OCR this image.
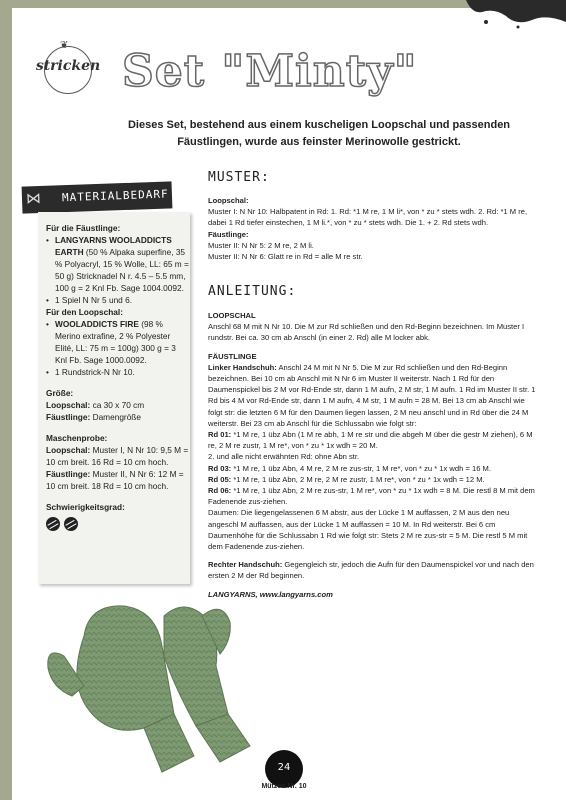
❦
stricken Set "Minty"
Dieses Set, bestehend aus einem kuscheligen Loopschal und passenden Fäustlingen, wurde aus feinster Merinowolle gestrickt.
⋈ MATERIALBEDARF

Für die Fäustlinge:

• LANGYARNS WOOLADDICTS EARTH (50 % Alpaka superfine, 35 % Polyacryl, 15 % Wolle, LL: 65 m = 50 g) Stricknadel N r. 4.5 – 5.5 mm, 100 g = 2 Knl Fb. Sage 1004.0092.
• 1 Spiel N Nr 5 und 6.

Für den Loopschal:

• WOOLADDICTS FIRE (98 % Merino extrafine, 2 % Polyester Elité, LL: 75 m = 100g) 300 g = 3 Knl Fb. Sage 1000.0092.
• 1 Rundstrick-N Nr 10.

Größe:

Loopschal: ca 30 x 70 cm

Fäustlinge: Damengröße

Maschenprobe:

Loopschal: Muster I, N Nr 10: 9,5 M = 10 cm breit. 16 Rd = 10 cm hoch.

Fäustlinge: Muster II, N Nr 6: 12 M = 10 cm breit. 18 Rd = 10 cm hoch.

Schwierigkeitsgrad:

MUSTER:

Loopschal:

Muster I: N Nr 10: Halbpatent in Rd: 1. Rd: *1 M re, 1 M li*, von * zu * stets wdh. 2. Rd: *1 M re, dabei 1 Rd tiefer einstechen, 1 M li.*, von * zu * stets wdh. Die 1. + 2. Rd stets wdh.

Fäustlinge:

Muster II: N Nr 5: 2 M re, 2 M li.

Muster II: N Nr 6: Glatt re in Rd = alle M re str.

ANLEITUNG:

LOOPSCHAL

Anschl 68 M mit N Nr 10. Die M zur Rd schließen und den Rd-Beginn bezeichnen. Im Muster I rundstr. Bei ca. 30 cm ab Anschl (in einer 2. Rd) alle M locker abk.

FÄUSTLINGE

Linker Handschuh: Anschl 24 M mit N Nr 5. Die M zur Rd schließen und den Rd-Beginn bezeichnen. Bei 10 cm ab Anschl mit N Nr 6 im Muster II weiterstr. Nach 1 Rd für den Daumenspickel bis 2 M vor Rd-Ende str, dann 1 M aufn, 2 M str, 1 M aufn. 1 Rd im Muster II str. 1 Rd bis 4 M vor Rd-Ende str, dann 1 M aufn, 4 M str, 1 M aufn = 28 M. Bei 13 cm ab Anschl wie folgt str: die letzten 6 M für den Daumen liegen lassen, 2 M neu anschl und in Rd über die 24 M weiterstr. Bei 23 cm ab Anschl für die Schlussabn wie folgt str:

Rd 01: *1 M re, 1 übz Abn (1 M re abh, 1 M re str und die abgeh M über die gestr M ziehen), 6 M re, 2 M re zustr, 1 M re*, von * zu * 1x wdh = 20 M.

2. und alle nicht erwähnten Rd: ohne Abn str.

Rd 03: *1 M re, 1 übz Abn, 4 M re, 2 M re zus-str, 1 M re*, von * zu * 1x wdh = 16 M.

Rd 05: *1 M re, 1 übz Abn, 2 M re, 2 M re zustr, 1 M re*, von * zu * 1x wdh = 12 M.

Rd 06: *1 M re, 1 übz Abn, 2 M re zus-str, 1 M re*, von * zu * 1x wdh = 8 M. Die restl 8 M mit dem Fadenende zus-ziehen.

Daumen: Die liegengelassenen 6 M abstr, aus der Lücke 1 M auffassen, 2 M aus den neu angeschl M auffassen, aus der Lücke 1 M auffassen = 10 M. In Rd weiterstr. Bei 6 cm Daumenhöhe für die Schlussabn 1 Rd wie folgt str: Stets 2 M re zus-str = 5 M. Die restl 5 M mit dem Fadenende zus-ziehen.

Rechter Handschuh: Gegengleich str, jedoch die Aufn für den Daumenspickel vor und nach den ersten 2 M der Rd beginnen.

LANGYARNS, www.langyarns.com

24
Mützen Nr. 10	PassionForum.ru
